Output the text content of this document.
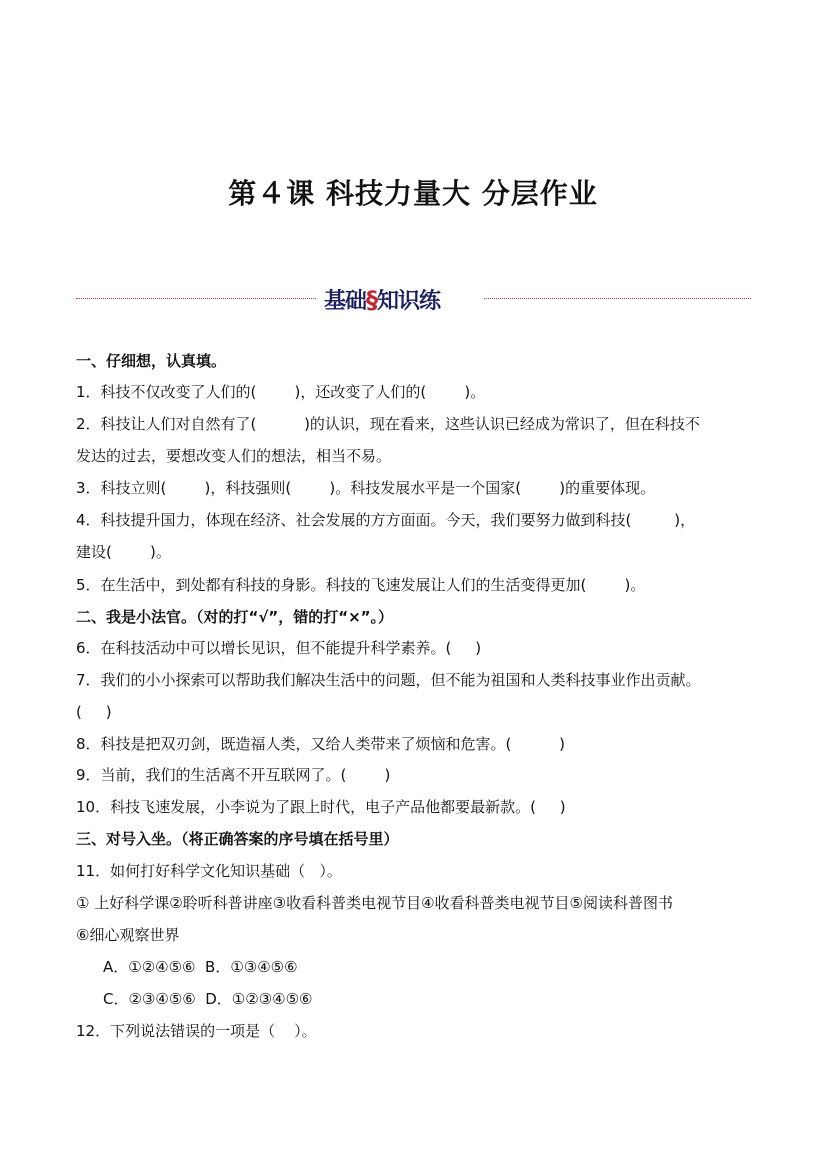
第４课 科技力量大 分层作业
基础§知识练
一、仔细想，认真填。
1．科技不仅改变了人们的(        )，还改变了人们的(        )。
2．科技让人们对自然有了(          )的认识，现在看来，这些认识已经成为常识了，但在科技不
发达的过去，要想改变人们的想法，相当不易。
3．科技立则(        )，科技强则(        )。科技发展水平是一个国家(        )的重要体现。
4．科技提升国力，体现在经济、社会发展的方方面面。今天，我们要努力做到科技(         )，
建设(        )。
5．在生活中，到处都有科技的身影。科技的飞速发展让人们的生活变得更加(        )。
二、我是小法官。（对的打“√”，错的打“×”。）
6．在科技活动中可以增长见识，但不能提升科学素养。(     )
7．我们的小小探索可以帮助我们解决生活中的问题，但不能为祖国和人类科技事业作出贡献。
(     )
8．科技是把双刃剑，既造福人类，又给人类带来了烦恼和危害。(          )
9．当前，我们的生活离不开互联网了。(        )
10．科技飞速发展，小李说为了跟上时代，电子产品他都要最新款。(     )
三、对号入坐。（将正确答案的序号填在括号里）
11．如何打好科学文化知识基础（   ）。
① 上好科学课②聆听科普讲座③收看科普类电视节目④收看科普类电视节目⑤阅读科普图书
⑥细心观察世界
A．①②④⑤⑥  B．①③④⑤⑥
C．②③④⑤⑥  D．①②③④⑤⑥
12．下列说法错误的一项是（    ）。
